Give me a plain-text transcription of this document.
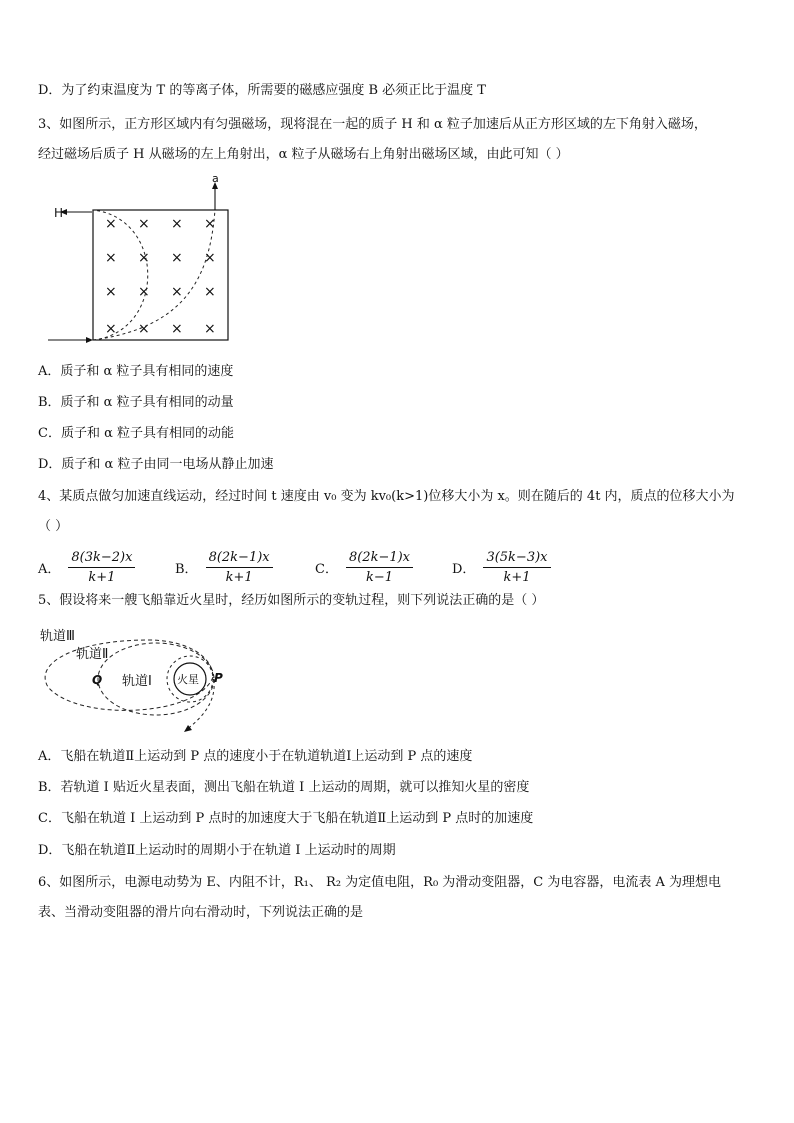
D．为了约束温度为 T 的等离子体，所需要的磁感应强度 B 必须正比于温度 T
3、如图所示，正方形区域内有匀强磁场，现将混在一起的质子 H 和 α 粒子加速后从正方形区域的左下角射入磁场，
经过磁场后质子 H 从磁场的左上角射出，α 粒子从磁场右上角射出磁场区域，由此可知（ ）
× × × ×
× × × ×
× × × ×
× × × ×
H
a
A．质子和 α 粒子具有相同的速度
B．质子和 α 粒子具有相同的动量
C．质子和 α 粒子具有相同的动能
D．质子和 α 粒子由同一电场从静止加速
4、某质点做匀加速直线运动，经过时间 t 速度由 v₀ 变为 kv₀(k>1)位移大小为 x。则在随后的 4t 内，质点的位移大小为
（ ）
A． $\frac{8(3k-2)x}{k+1}$	B． $\frac{8(2k-1)x}{k+1}$	C． $\frac{8(2k-1)x}{k-1}$	D． $\frac{3(5k-3)x}{k+1}$
5、假设将来一艘飞船靠近火星时，经历如图所示的变轨过程，则下列说法正确的是（ ）
火星
轨道Ⅲ
轨道Ⅱ
轨道Ⅰ
Q	P
A．飞船在轨道Ⅱ上运动到 P 点的速度小于在轨道轨道Ⅰ上运动到 P 点的速度
B．若轨道 I 贴近火星表面，测出飞船在轨道 I 上运动的周期，就可以推知火星的密度
C．飞船在轨道 I 上运动到 P 点时的加速度大于飞船在轨道Ⅱ上运动到 P 点时的加速度
D．飞船在轨道Ⅱ上运动时的周期小于在轨道 I 上运动时的周期
6、如图所示，电源电动势为 E、内阻不计，R₁、 R₂ 为定值电阻，R₀ 为滑动变阻器，C 为电容器，电流表 A 为理想电
表、当滑动变阻器的滑片向右滑动时，下列说法正确的是
